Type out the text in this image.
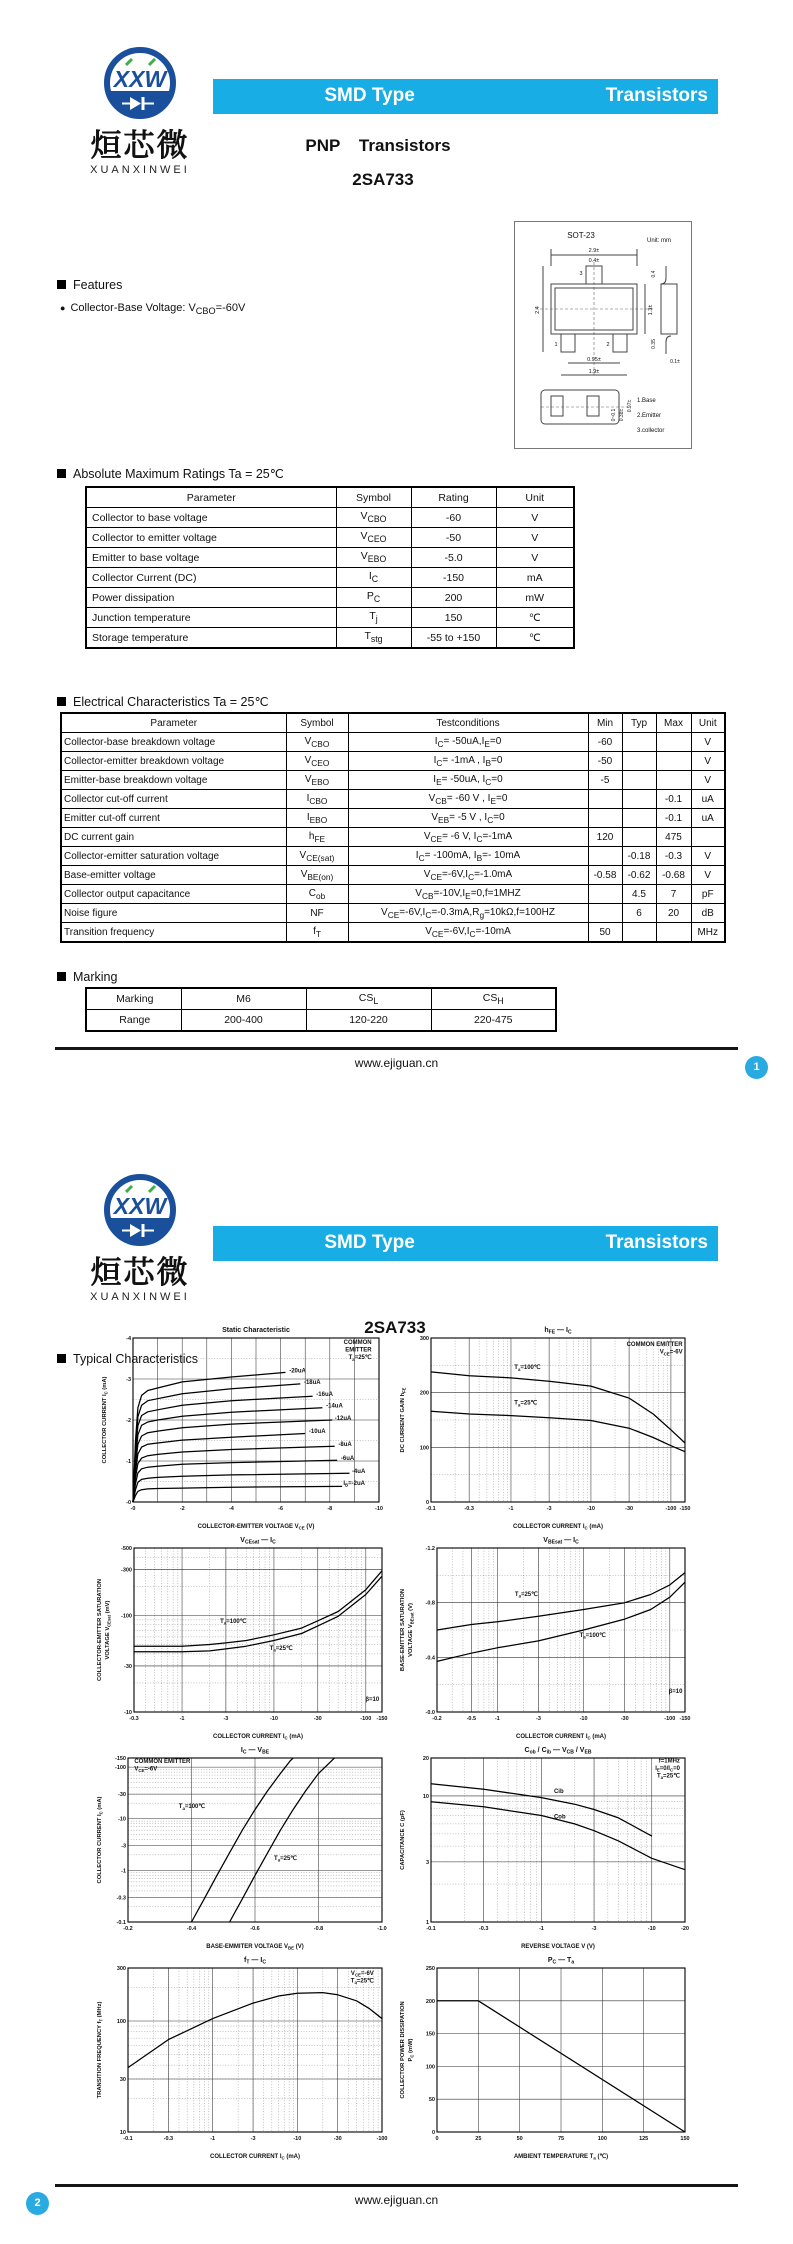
XXW
烜芯微
XUANXINWEI
SMD Type	Transistors
PNP    Transistors
2SA733
Features
● Collector-Base Voltage: $V_{CBO}=-60V$
SOT-23
Unit: mm
2.9±
0.4±
3
2.4	1.3±
1	2
0.95±
1.9±
0.4
0.35
0.1±
0~0.1 0.38±
0.97± 1.Base
2.Emitter
3.collector
Absolute Maximum Ratings Ta = 25℃
Parameter	Symbol	Rating	Unit
Collector to base voltage	$V_{CBO}$	-60	V
Collector to emitter voltage	$V_{CEO}$	-50	V
Emitter to base voltage	$V_{EBO}$	-5.0	V
Collector Current (DC)	$I_C$	-150	mA
Power dissipation	$P_C$	200	mW
Junction temperature	$T_j$	150	℃
Storage temperature	$T_{stg}$	-55 to +150	℃
Electrical Characteristics Ta = 25℃
Parameter	Symbol	Testconditions	Min	Typ	Max	Unit
Collector-base breakdown voltage	$V_{CBO}$	$I_C= -50uA,I_E=0$	-60			V
Collector-emitter breakdown voltage	$V_{CEO}$	$I_C= -1mA$ , $I_B=0$	-50			V
Emitter-base breakdown voltage	$V_{EBO}$	$I_E= -50uA$, $I_C=0$	-5			V
Collector cut-off current	$I_{CBO}$	$V_{CB}= -60$ V , $I_E=0$			-0.1	uA
Emitter cut-off current	$I_{EBO}$	$V_{EB}= -5$ V , $I_C=0$			-0.1	uA
DC current gain	$h_{FE}$	$V_{CE}= -6$ V, $I_C=-1mA$	120		475	
Collector-emitter saturation voltage	$V_{CE(sat)}$	$I_C= -100mA$, $I_B=-$ 10mA		-0.18	-0.3	V
Base-emitter voltage	$V_{BE(on)}$	$V_{CE}=-6V,I_C=-1.0mA$	-0.58	-0.62	-0.68	V
Collector output capacitance	$C_{ob}$	$V_{CB}=-10V,I_E=0,f=1MHZ$		4.5	7	pF
Noise figure	NF	$V_{CE}=-6V,I_C=-0.3mA,R_g=10k\Omega,f=100HZ$		6	20	dB
Transition frequency	$f_T$	$V_{CE}=-6V,I_C=-10mA$	50			MHz
Marking
Marking	M6	$CS_L$	$CS_H$
Range	200-400	120-220	220-475
www.ejiguan.cn	1
XXW
烜芯微
XUANXINWEI
SMD Type	Transistors
2SA733
Typical Characteristics
-0	-2	-4	-6	-8	-10
-0
-1
-2
-3
-4
-20uA
-18uA
-16uA
-14uA
-12uA
-10uA
-8uA
-6uA
-4uA
$I_B=-2uA$
COMMON
EMITTER
$T_a=25℃$
Static Characteristic
COLLECTOR-EMITTER VOLTAGE $V_{CE}$ (V)
COLLECTOR CURRENT $I_C$ (mA)
-0.1	-0.3	-1	-3	-10	-30	-100 -150
0
100
200
300
$T_a=100℃$
$T_a=25℃$
COMMON EMITTER
$V_{CE}=-6V$
$h_{FE}$ — $I_C$
COLLECTOR CURRENT $I_C$ (mA)
DC CURRENT GAIN $h_{FE}$
-0.3	-1	-3	-10	-30	-100 -150
-10
-30
-100
-300
-500
$T_a=100℃$
$T_a=25℃$
β=10
$V_{CEsat}$ — $I_C$
COLLECTOR CURRENT $I_C$ (mA)
COLLECTOR-EMITTER SATURATION VOLTAGE $V_{CEsat}$ (mV)
-0.2	-0.5	-1	-3	-10	-30	-100 -150
-0.0
-0.4
-0.8
-1.2
$T_a=25℃$
$T_a=100℃$
β=10
$V_{BEsat}$ — $I_C$
COLLECTOR CURRENT $I_C$ (mA)
BASE-EMITTER SATURATION VOLTAGE $V_{BEsat}$ (V)
-0.2	-0.4	-0.6	-0.8	-1.0
-0.1
-0.3
-1
-3
-10
-30
-100
-150
$T_a=100℃$
$T_a=25℃$
COMMON EMITTER
$V_{CE}=-6V$
$I_C$ — $V_{BE}$
BASE-EMMITER VOLTAGE $V_{BE}$ (V)
COLLECTOR CURRENT $I_C$ (mA)
-0.1	-0.3	-1	-3	-10	-20
1
3
10
20
Cib
Cob
f=1MHz
$I_E=0/I_C=0$
$T_a=25℃$
$C_{ob} / C_{ib}$ — $V_{CB} / V_{EB}$
REVERSE VOLTAGE V (V)
CAPACITANCE C (pF)
-0.1	-0.3	-1	-3	-10	-30	-100
10
30
100
300
$V_{CE}=-6V$
$T_a=25℃$
$f_T$ — $I_C$
COLLECTOR CURRENT $I_C$ (mA)
TRANSITION FREQUENCY $f_T$ (MHz)
0	25	50	75	100	125	150
0
50
100
150
200
250
$P_C$ — $T_a$
AMBIENT TEMPERATURE $T_a$ (℃)
COLLECTOR POWER DISSIPATION $P_C$ (mW)
www.ejiguan.cn
2
